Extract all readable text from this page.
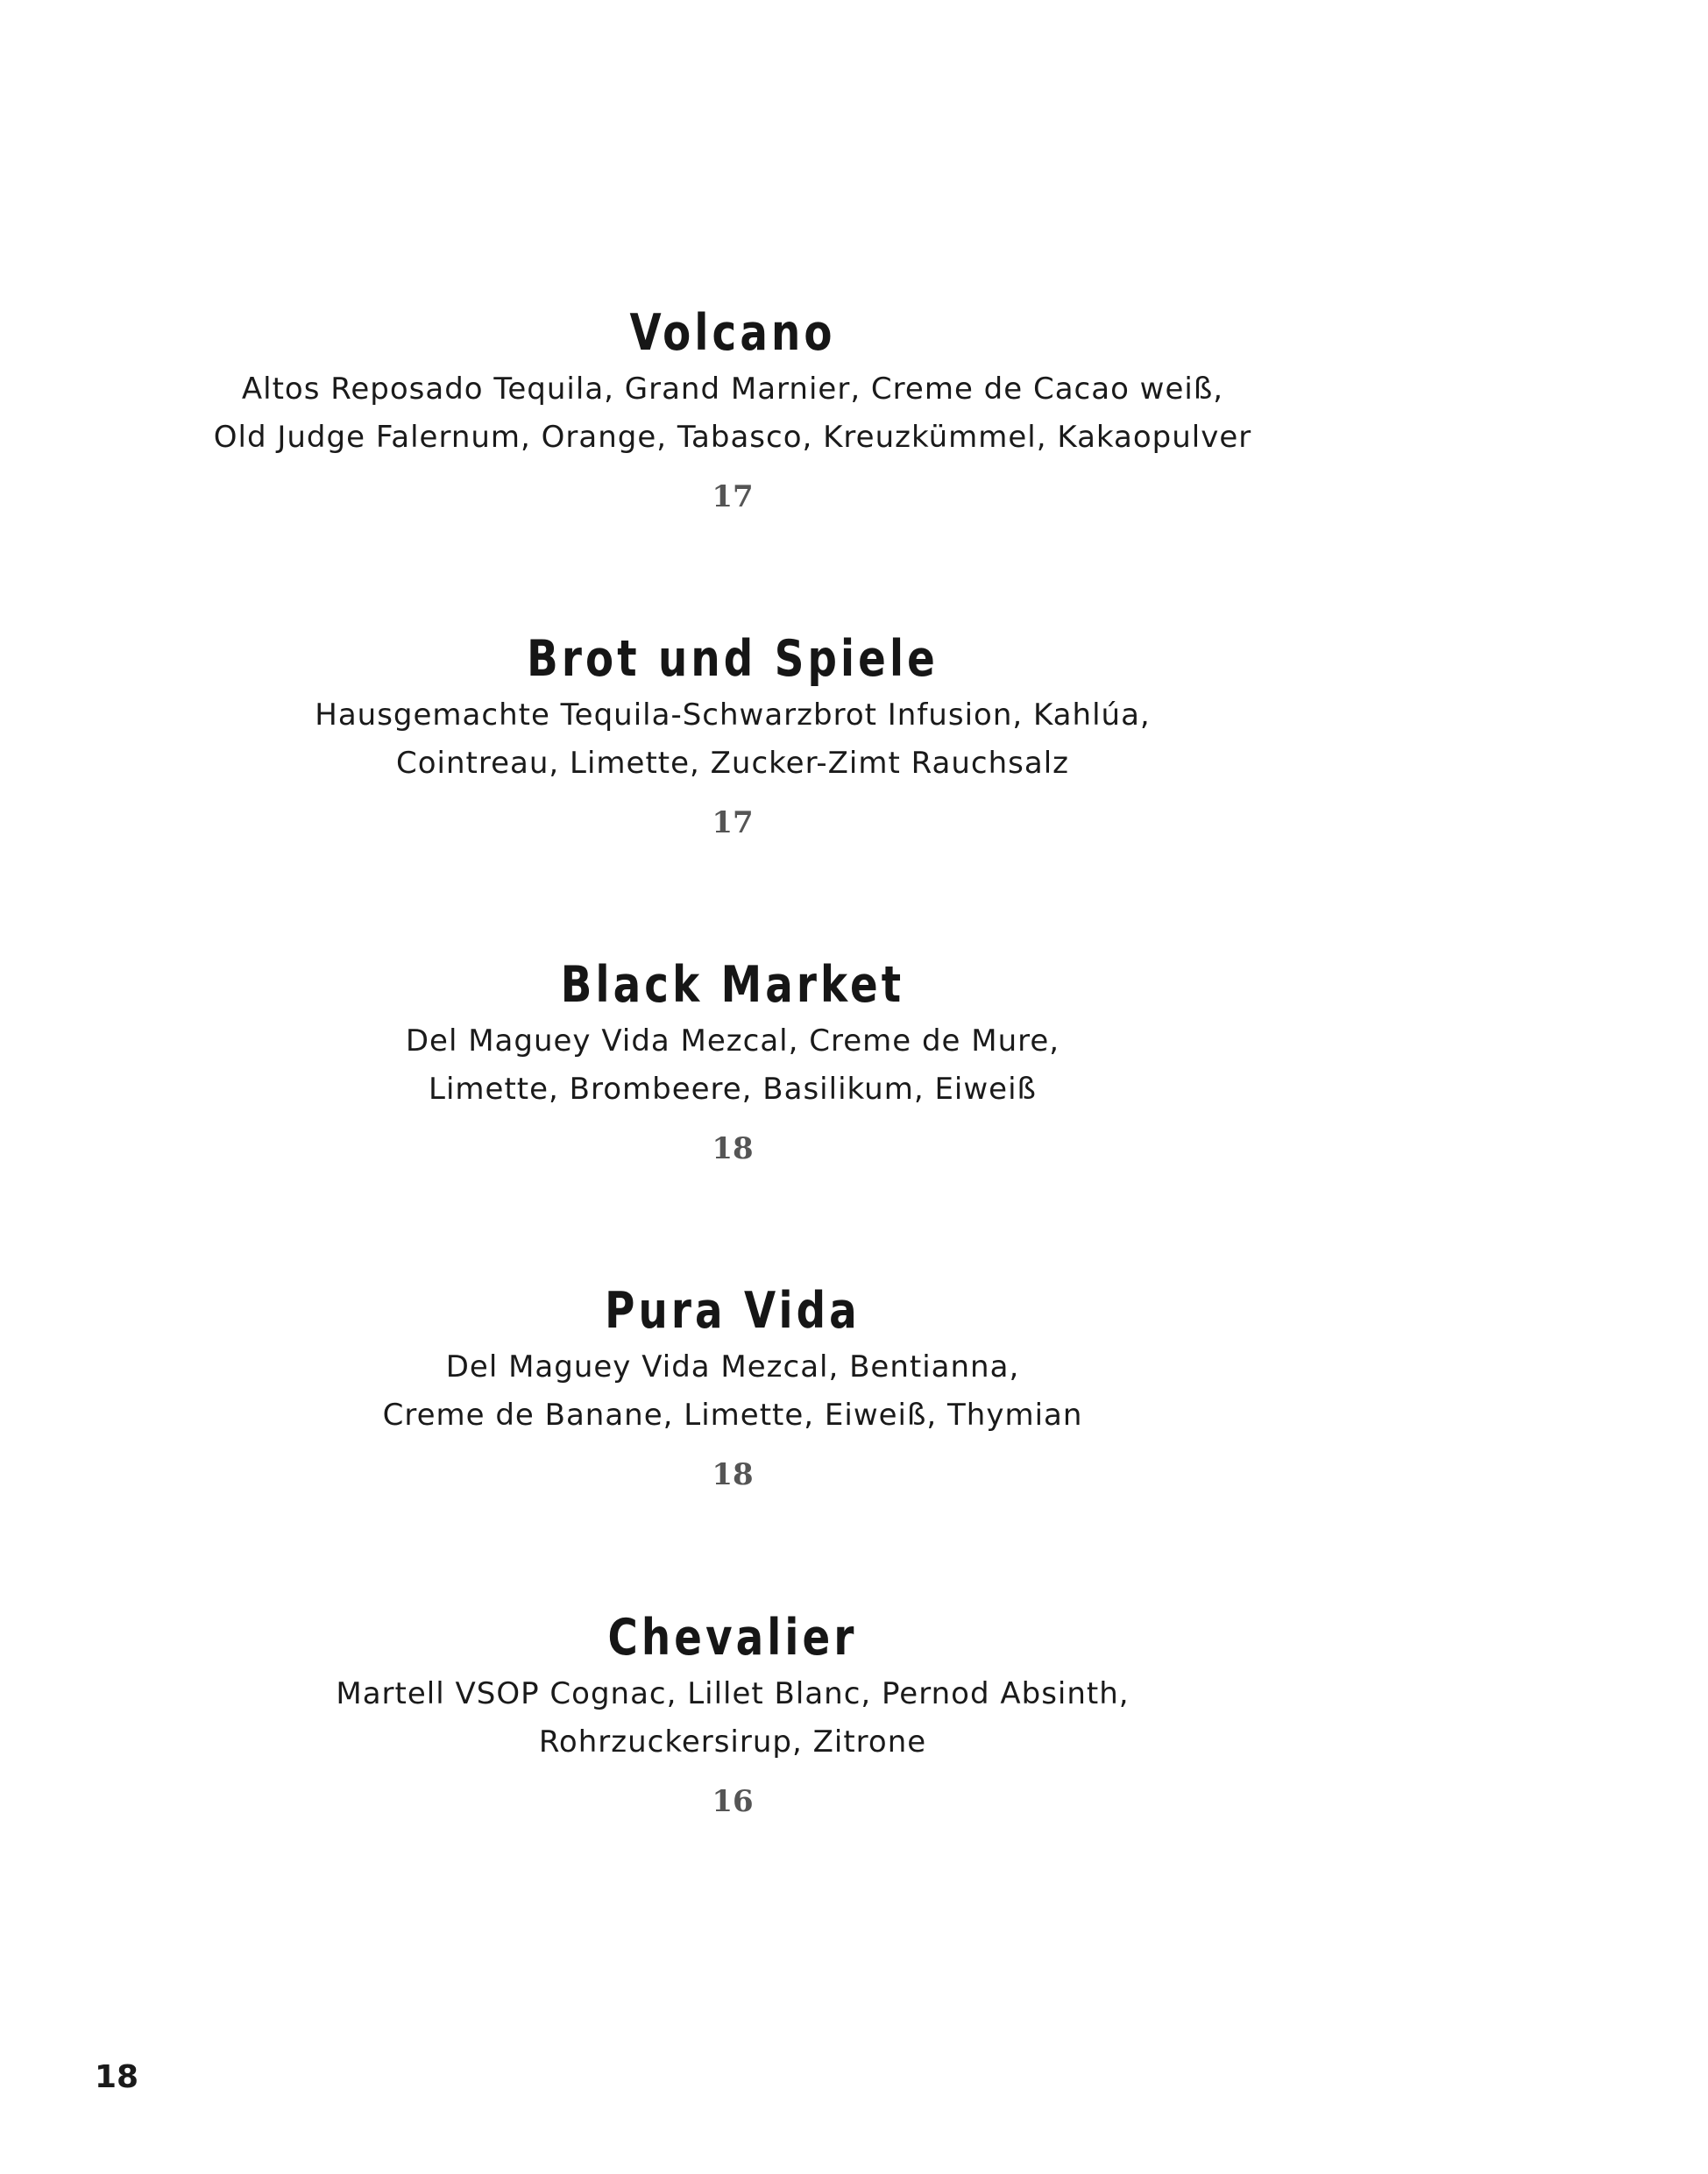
Volcano
Altos Reposado Tequila, Grand Marnier, Creme de Cacao weiß,
Old Judge Falernum, Orange, Tabasco, Kreuzkümmel, Kakaopulver
17
Brot und Spiele
Hausgemachte Tequila-Schwarzbrot Infusion, Kahlúa,
Cointreau, Limette, Zucker-Zimt Rauchsalz
17
Black Market
Del Maguey Vida Mezcal, Creme de Mure,
Limette, Brombeere, Basilikum, Eiweiß
18
Pura Vida
Del Maguey Vida Mezcal, Bentianna,
Creme de Banane, Limette, Eiweiß, Thymian
18
Chevalier
Martell VSOP Cognac, Lillet Blanc, Pernod Absinth,
Rohrzuckersirup, Zitrone
16
18
